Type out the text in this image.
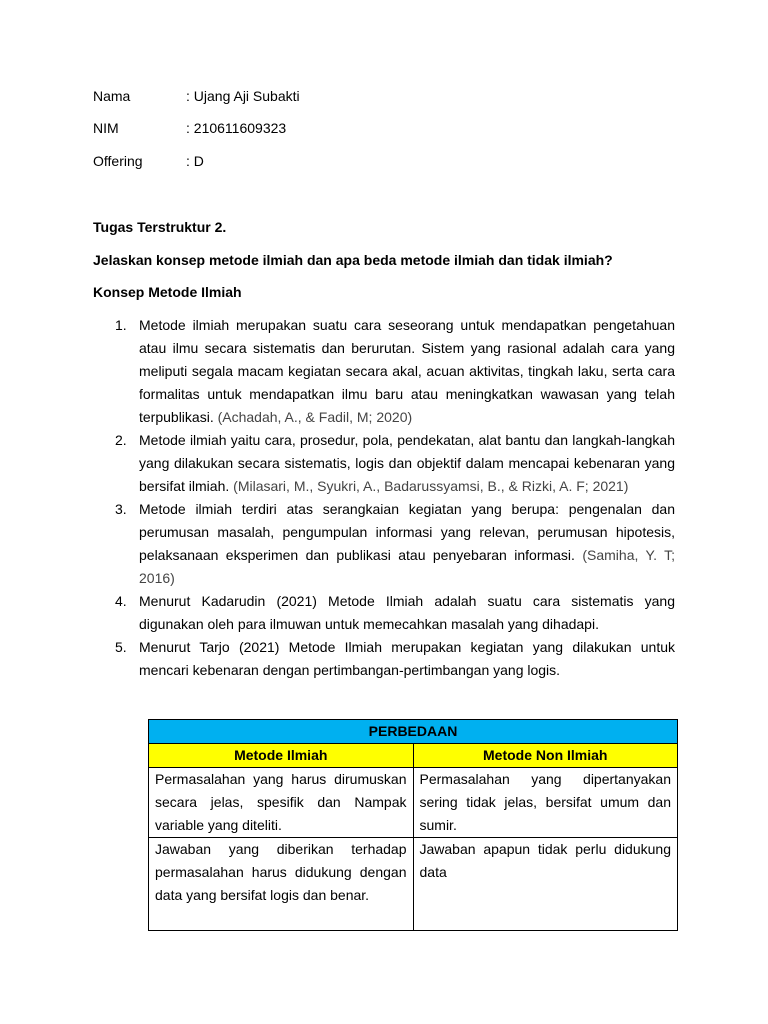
Nama	: Ujang Aji Subakti
NIM	: 210611609323
Offering	: D
Tugas Terstruktur 2.
Jelaskan konsep metode ilmiah dan apa beda metode ilmiah dan tidak ilmiah?
Konsep Metode Ilmiah
1. Metode ilmiah merupakan suatu cara seseorang untuk mendapatkan pengetahuan atau ilmu secara sistematis dan berurutan. Sistem yang rasional adalah cara yang meliputi segala macam kegiatan secara akal, acuan aktivitas, tingkah laku, serta cara formalitas untuk mendapatkan ilmu baru atau meningkatkan wawasan yang telah terpublikasi. (Achadah, A., & Fadil, M; 2020)
2. Metode ilmiah yaitu cara, prosedur, pola, pendekatan, alat bantu dan langkah-langkah yang dilakukan secara sistematis, logis dan objektif dalam mencapai kebenaran yang bersifat ilmiah. (Milasari, M., Syukri, A., Badarussyamsi, B., & Rizki, A. F; 2021)
3. Metode ilmiah terdiri atas serangkaian kegiatan yang berupa: pengenalan dan perumusan masalah, pengumpulan informasi yang relevan, perumusan hipotesis, pelaksanaan eksperimen dan publikasi atau penyebaran informasi. (Samiha, Y. T; 2016)
4. Menurut Kadarudin (2021) Metode Ilmiah adalah suatu cara sistematis yang digunakan oleh para ilmuwan untuk memecahkan masalah yang dihadapi.
5. Menurut Tarjo (2021) Metode Ilmiah merupakan kegiatan yang dilakukan untuk mencari kebenaran dengan pertimbangan-pertimbangan yang logis.
PERBEDAAN	
Metode Ilmiah	Metode Non Ilmiah
Permasalahan yang harus dirumuskan secara jelas, spesifik dan Nampak variable yang diteliti.	Permasalahan yang dipertanyakan sering tidak jelas, bersifat umum dan sumir.
Jawaban yang diberikan terhadap permasalahan harus didukung dengan data yang bersifat logis dan benar.	Jawaban apapun tidak perlu didukung data
